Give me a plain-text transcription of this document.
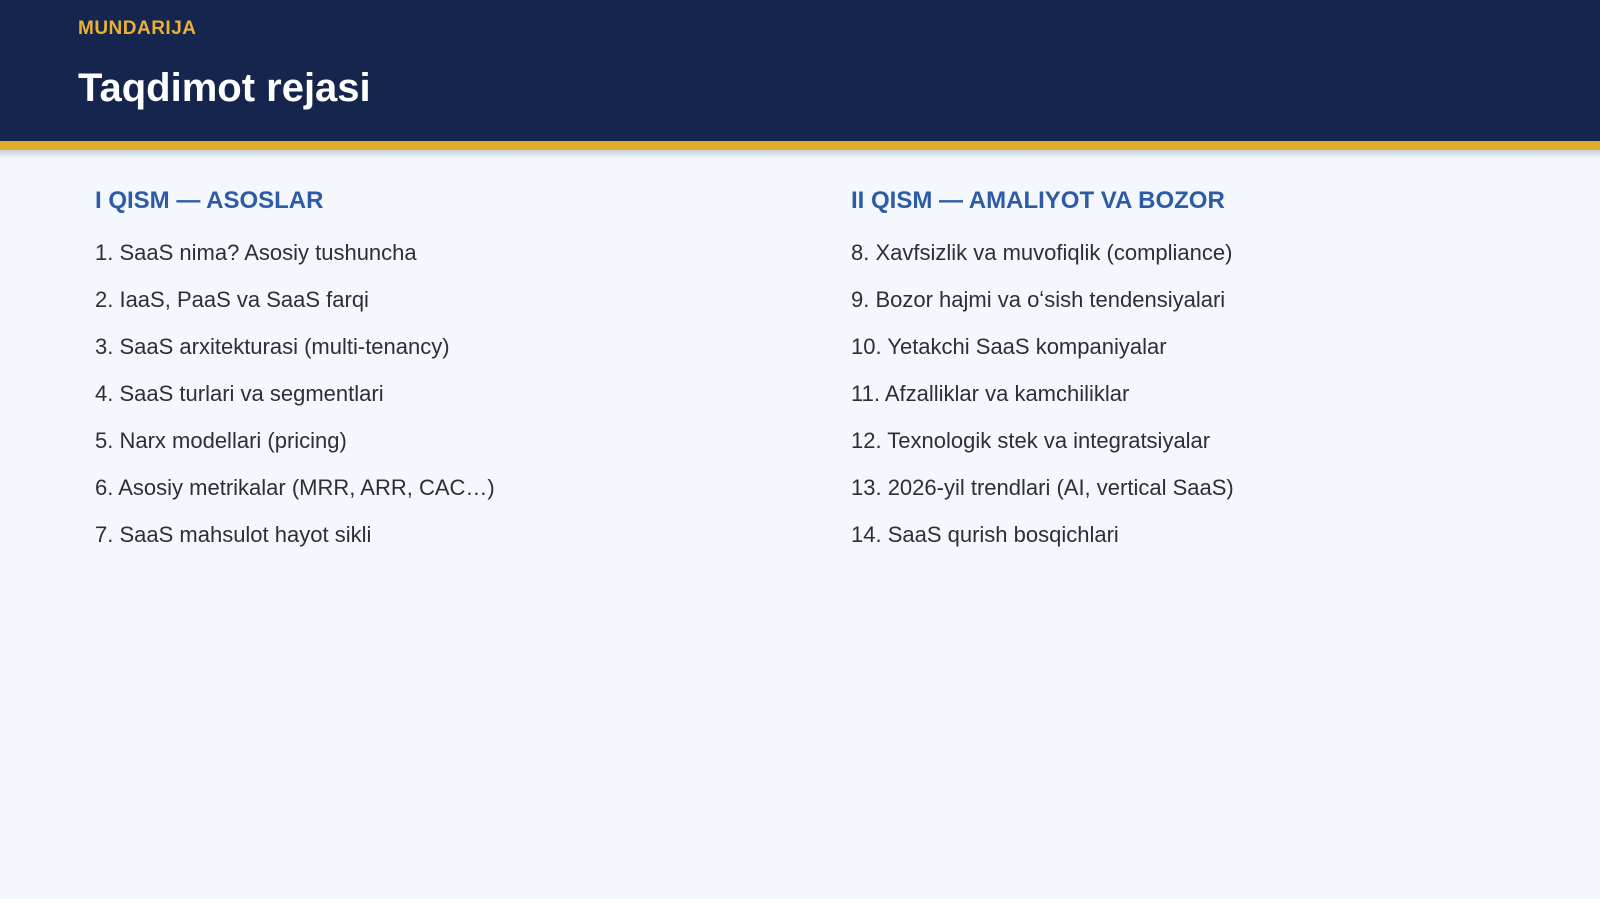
MUNDARIJA
Taqdimot rejasi
I QISM — ASOSLAR
1. SaaS nima? Asosiy tushuncha
2. IaaS, PaaS va SaaS farqi
3. SaaS arxitekturasi (multi-tenancy)
4. SaaS turlari va segmentlari
5. Narx modellari (pricing)
6. Asosiy metrikalar (MRR, ARR, CAC…)
7. SaaS mahsulot hayot sikli
II QISM — AMALIYOT VA BOZOR
8. Xavfsizlik va muvofiqlik (compliance)
9. Bozor hajmi va oʻsish tendensiyalari
10. Yetakchi SaaS kompaniyalar
11. Afzalliklar va kamchiliklar
12. Texnologik stek va integratsiyalar
13. 2026-yil trendlari (AI, vertical SaaS)
14. SaaS qurish bosqichlari
